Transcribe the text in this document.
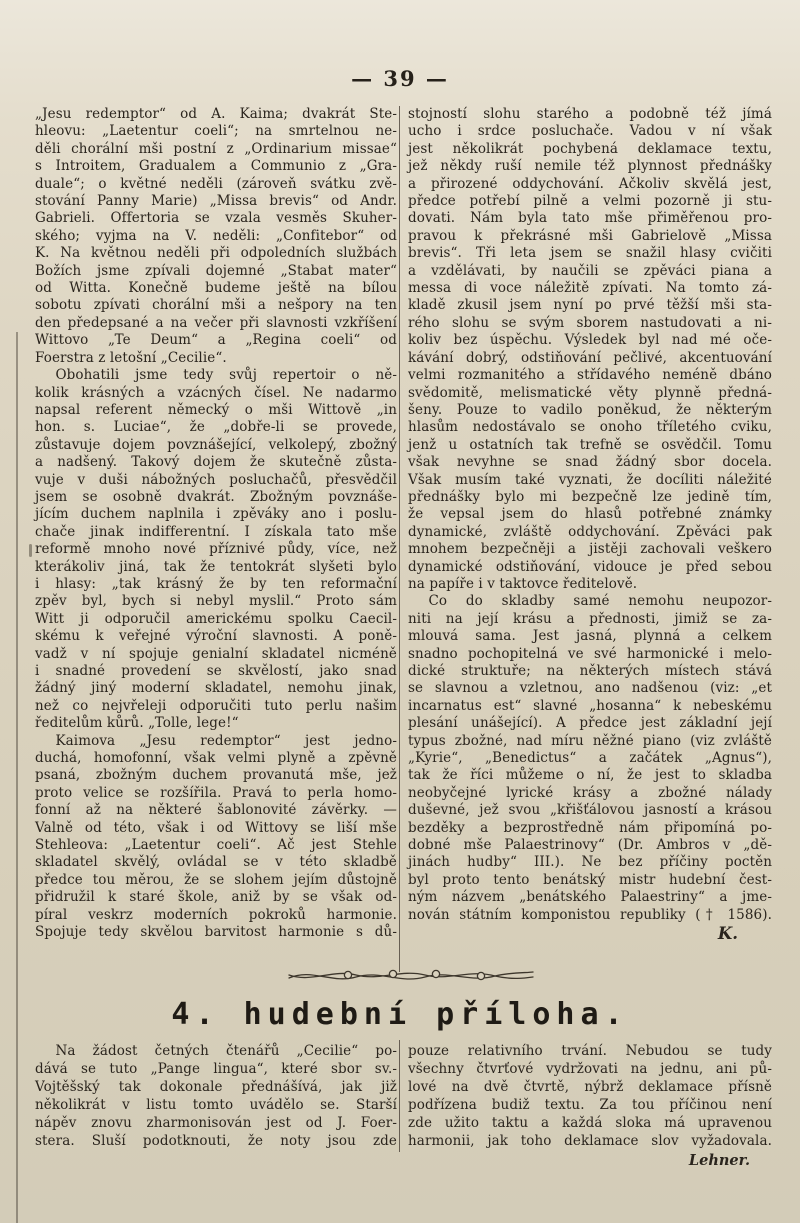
— 39 —
„Jesu redemptor“ od A. Kaima; dvakrát Ste-
hleovu: „Laetentur coeli“; na smrtelnou ne-
děli chorální mši postní z „Ordinarium missae“
s Introitem, Gradualem a Communio z „Gra-
duale“; o květné neděli (zároveň svátku zvě-
stování Panny Marie) „Missa brevis“ od Andr.
Gabrieli. Offertoria se vzala vesměs Skuher-
ského; vyjma na V. neděli: „Confitebor“ od
K. Na květnou neděli při odpoledních službách
Božích jsme zpívali dojemné „Stabat mater“
od Witta. Konečně budeme ještě na bílou
sobotu zpívati chorální mši a nešpory na ten
den předepsané a na večer při slavnosti vzkříšení
Wittovo „Te Deum“ a „Regina coeli“ od
Foerstra z letošní „Cecilie“.
  Obohatili jsme tedy svůj repertoir o ně-
kolik krásných a vzácných čísel. Ne nadarmo
napsal referent německý o mši Wittově „in
hon. s. Luciae“, že „dobře-li se provede,
zůstavuje dojem povznášející, velkolepý, zbožný
a nadšený. Takový dojem že skutečně zůsta-
vuje v duši nábožných posluchačů, přesvědčil
jsem se osobně dvakrát. Zbožným povznáše-
jícím duchem naplnila i zpěváky ano i poslu-
chače jinak indifferentní. I získala tato mše
reformě mnoho nové příznivé půdy, více, než
kterákoliv jiná, tak že tentokrát slyšeti bylo
i hlasy: „tak krásný že by ten reformační
zpěv byl, bych si nebyl myslil.“ Proto sám
Witt ji odporučil americkému spolku Caecil-
skému k veřejné výroční slavnosti. A poně-
vadž v ní spojuje genialní skladatel nicméně
i snadné provedení se skvělostí, jako snad
žádný jiný moderní skladatel, nemohu jinak,
než co nejvřeleji odporučiti tuto perlu našim
ředitelům kůrů. „Tolle, lege!“
  Kaimova „Jesu redemptor“ jest jedno-
duchá, homofonní, však velmi plyně a zpěvně
psaná, zbožným duchem provanutá mše, jež
proto velice se rozšířila. Pravá to perla homo-
fonní až na některé šablonovité závěrky. —
Valně od této, však i od Wittovy se liší mše
Stehleova: „Laetentur coeli“. Ač jest Stehle
skladatel skvělý, ovládal se v této skladbě
předce tou měrou, že se slohem jejím důstojně
přidružil k staré škole, aniž by se však od-
píral veskrz moderních pokroků harmonie.
Spojuje tedy skvělou barvitost harmonie s dů-
stojností slohu starého a podobně též jímá
ucho i srdce posluchače. Vadou v ní však
jest několikrát pochybená deklamace textu,
jež někdy ruší nemile též plynnost přednášky
a přirozené oddychování. Ačkoliv skvělá jest,
předce potřebí pilně a velmi pozorně ji stu-
dovati. Nám byla tato mše přiměřenou pro-
pravou k překrásné mši Gabrielově „Missa
brevis“. Tři leta jsem se snažil hlasy cvičiti
a vzdělávati, by naučili se zpěváci piana a
messa di voce náležitě zpívati. Na tomto zá-
kladě zkusil jsem nyní po prvé těžší mši sta-
rého slohu se svým sborem nastudovati a ni-
koliv bez úspěchu. Výsledek byl nad mé oče-
kávání dobrý, odstiňování pečlivé, akcentuování
velmi rozmanitého a střídavého neméně dbáno
svědomitě, melismatické věty plynně předná-
šeny. Pouze to vadilo poněkud, že některým
hlasům nedostávalo se onoho tříletého cviku,
jenž u ostatních tak trefně se osvědčil. Tomu
však nevyhne se snad žádný sbor docela.
Však musím také vyznati, že docíliti náležité
přednášky bylo mi bezpečně lze jedině tím,
že vepsal jsem do hlasů potřebné známky
dynamické, zvláště oddychování. Zpěváci pak
mnohem bezpečněji a jistěji zachovali veškero
dynamické odstiňování, vidouce je před sebou
na papíře i v taktovce ředitelově.
  Co do skladby samé nemohu neupozor-
niti na její krásu a přednosti, jimiž se za-
mlouvá sama. Jest jasná, plynná a celkem
snadno pochopitelná ve své harmonické i melo-
dické struktuře; na některých místech stává
se slavnou a vzletnou, ano nadšenou (viz: „et
incarnatus est“ slavné „hosanna“ k nebeskému
plesání unášející). A předce jest základní její
typus zbožné, nad míru něžné piano (viz zvláště
„Kyrie“, „Benedictus“ a začátek „Agnus“),
tak že říci můžeme o ní, že jest to skladba
neobyčejné lyrické krásy a zbožné nálady
duševné, jež svou „křišťálovou jasností a krásou
bezděky a bezprostředně nám připomíná po-
dobné mše Palaestrinovy“ (Dr. Ambros v „dě-
jinách hudby“ III.). Ne bez příčiny poctěn
byl proto tento benátský mistr hudební čest-
ným názvem „benátského Palaestriny“ a jme-
nován státním komponistou republiky († 1586).
K.
4. hudební příloha.
  Na žádost četných čtenářů „Cecilie“ po-
dává se tuto „Pange lingua“, které sbor sv.-
Vojtěšský tak dokonale přednášívá, jak již
několikrát v listu tomto uvádělo se. Starší
nápěv znovu zharmonisován jest od J. Foer-
stera. Sluší podotknouti, že noty jsou zde
pouze relativního trvání. Nebudou se tudy
všechny čtvrťové vydržovati na jednu, ani pů-
lové na dvě čtvrtě, nýbrž deklamace přísně
podřízena budiž textu. Za tou příčinou není
zde užito taktu a každá sloka má upravenou
harmonii, jak toho deklamace slov vyžadovala.
Lehner.
